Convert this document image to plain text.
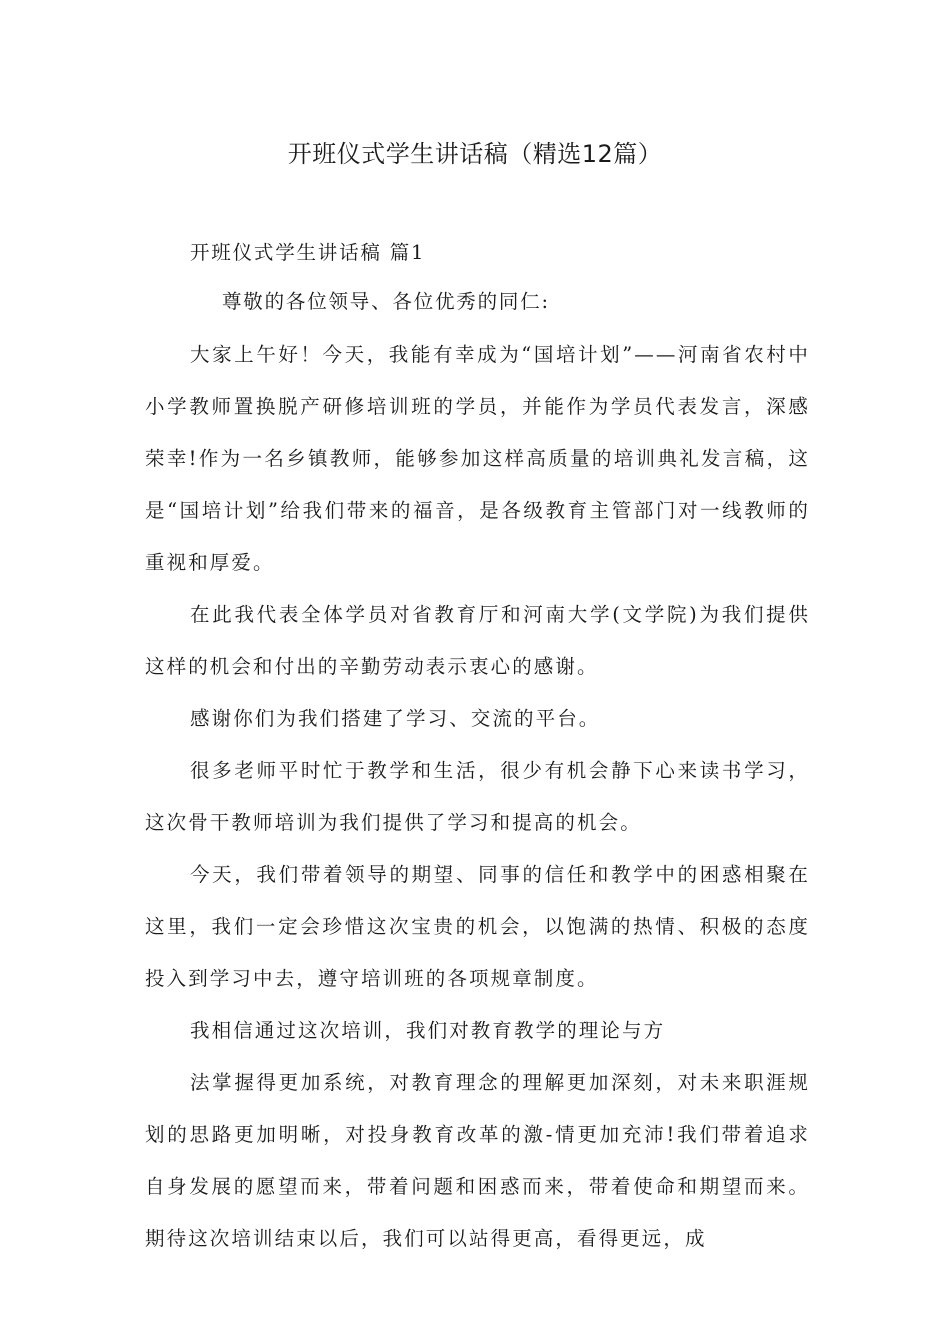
开班仪式学生讲话稿（精选12篇）
开班仪式学生讲话稿 篇1
尊敬的各位领导、各位优秀的同仁:

大家上午好！今天，我能有幸成为“国培计划”——河南省农村中小学教师置换脱产研修培训班的学员，并能作为学员代表发言，深感荣幸!作为一名乡镇教师，能够参加这样高质量的培训典礼发言稿，这是“国培计划”给我们带来的福音，是各级教育主管部门对一线教师的重视和厚爱。

在此我代表全体学员对省教育厅和河南大学(文学院)为我们提供这样的机会和付出的辛勤劳动表示衷心的感谢。

感谢你们为我们搭建了学习、交流的平台。

很多老师平时忙于教学和生活，很少有机会静下心来读书学习，这次骨干教师培训为我们提供了学习和提高的机会。

今天，我们带着领导的期望、同事的信任和教学中的困惑相聚在这里，我们一定会珍惜这次宝贵的机会，以饱满的热情、积极的态度投入到学习中去，遵守培训班的各项规章制度。

我相信通过这次培训，我们对教育教学的理论与方

法掌握得更加系统，对教育理念的理解更加深刻，对未来职涯规划的思路更加明晰，对投身教育改革的激-情更加充沛!我们带着追求自身发展的愿望而来，带着问题和困惑而来，带着使命和期望而来。 期待这次培训结束以后，我们可以站得更高，看得更远，成
